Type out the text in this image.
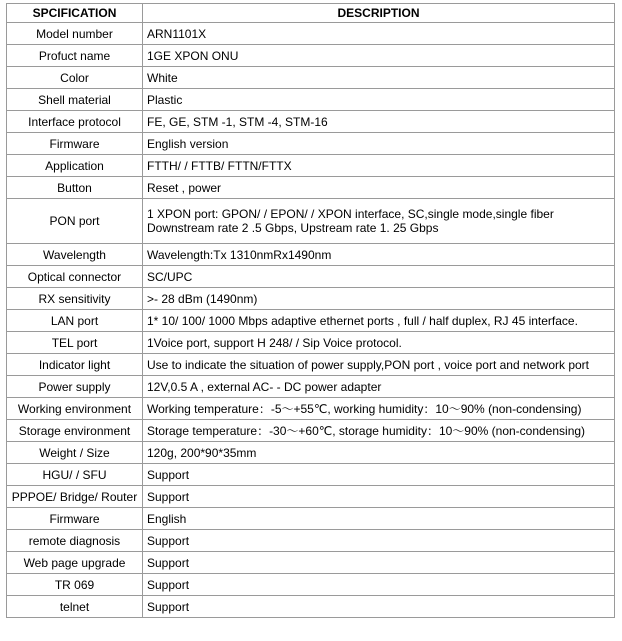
SPCIFICATION	DESCRIPTION
Model number	ARN1101X

Profuct name	1GE XPON ONU

Color	White

Shell material	Plastic

Interface protocol	FE, GE, STM -1, STM -4, STM-16

Firmware	English version

Application	FTTH/ / FTTB/ FTTN/FTTX

Button	Reset , power

PON port	1 XPON port: GPON/ / EPON/ / XPON interface, SC,single mode,single fiber
Downstream rate 2 .5 Gbps, Upstream rate 1. 25 Gbps

Wavelength	Wavelength:Tx 1310nmRx1490nm

Optical connector	SC/UPC

RX sensitivity	>- 28 dBm (1490nm)

LAN port	1* 10/ 100/ 1000 Mbps adaptive ethernet ports , full / half duplex, RJ 45 interface.

TEL port	1Voice port, support H 248/ / Sip Voice protocol.

Indicator light	Use to indicate the situation of power supply,PON port , voice port and network port

Power supply	12V,0.5 A , external AC- - DC power adapter

Working environment	Working temperature：-5～+55℃, working humidity：10～90% (non-condensing)

Storage environment	Storage temperature：-30～+60℃, storage humidity：10～90% (non-condensing)

Weight / Size	120g, 200*90*35mm

HGU/ / SFU	Support

PPPOE/ Bridge/ Router	Support

Firmware	English

remote diagnosis	Support

Web page upgrade	Support

TR 069	Support

telnet	Support
